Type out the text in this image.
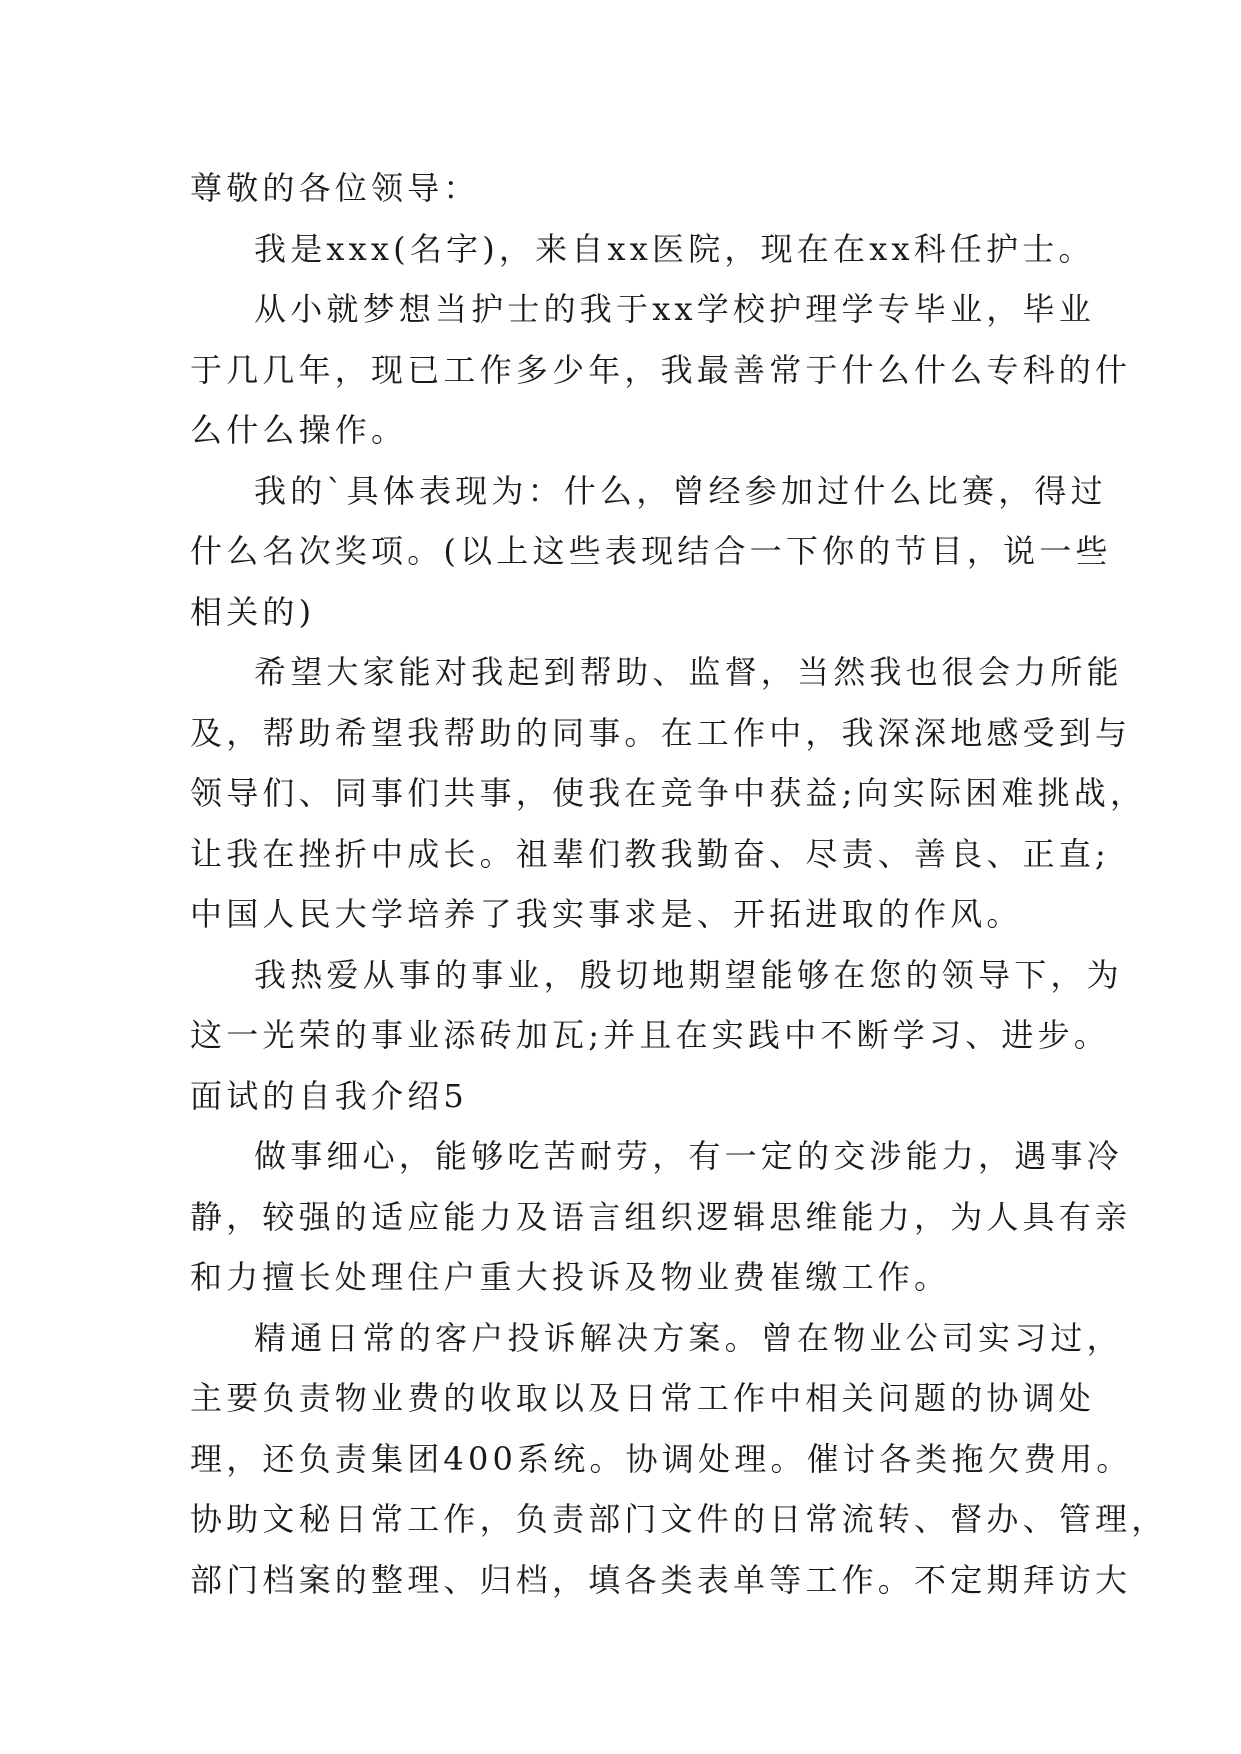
尊敬的各位领导：
我是xxx(名字)，来自xx医院，现在在xx科任护士。
从小就梦想当护士的我于xx学校护理学专毕业，毕业
于几几年，现已工作多少年，我最善常于什么什么专科的什
么什么操作。
我的`具体表现为：什么，曾经参加过什么比赛，得过
什么名次奖项。(以上这些表现结合一下你的节目，说一些
相关的)
希望大家能对我起到帮助、监督，当然我也很会力所能
及，帮助希望我帮助的同事。在工作中，我深深地感受到与
领导们、同事们共事，使我在竞争中获益;向实际困难挑战，
让我在挫折中成长。祖辈们教我勤奋、尽责、善良、正直;
中国人民大学培养了我实事求是、开拓进取的作风。
我热爱从事的事业，殷切地期望能够在您的领导下，为
这一光荣的事业添砖加瓦;并且在实践中不断学习、进步。
面试的自我介绍5
做事细心，能够吃苦耐劳，有一定的交涉能力，遇事冷
静，较强的适应能力及语言组织逻辑思维能力，为人具有亲
和力擅长处理住户重大投诉及物业费崔缴工作。
精通日常的客户投诉解决方案。曾在物业公司实习过，
主要负责物业费的收取以及日常工作中相关问题的协调处
理，还负责集团400系统。协调处理。催讨各类拖欠费用。
协助文秘日常工作，负责部门文件的日常流转、督办、管理，
部门档案的整理、归档，填各类表单等工作。不定期拜访大
